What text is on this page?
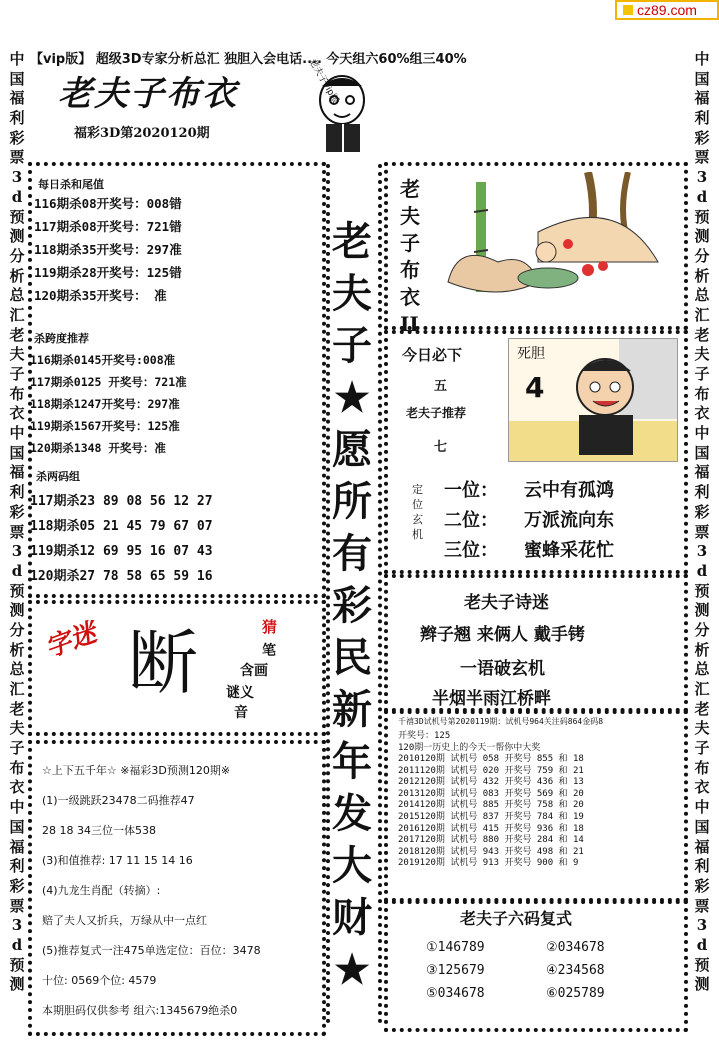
cz89.com
【vip版】 超级3D专家分析总汇 独胆入会电话.... 今天组六60%组三40%
老夫子布衣
福彩3D第2020120期
老夫子vip版
中
国
福
利
彩
票
3
d
预
测
分
析
总
汇
老
夫
子
布
衣
中
国
福
利
彩
票
3
d
预
测
分
析
总
汇
老
夫
子
布
衣
中
国
福
利
彩
票
3
d
预
测
中
国
福
利
彩
票
3
d
预
测
分
析
总
汇
老
夫
子
布
衣
中
国
福
利
彩
票
3
d
预
测
分
析
总
汇
老
夫
子
布
衣
中
国
福
利
彩
票
3
d
预
测
每日杀和尾值
116期杀08开奖号：008错
117期杀08开奖号：721错
118期杀35开奖号：297准
119期杀28开奖号：125错
120期杀35开奖号： 准
杀跨度推荐
116期杀0145开奖号:008准
117期杀0125 开奖号：721准
118期杀1247开奖号：297准
119期杀1567开奖号：125准
120期杀1348 开奖号：准
杀两码组
117期杀23 89 08 56 12 27
118期杀05 21 45 79 67 07
119期杀12 69 95 16 07 43
120期杀27 78 58 65 59 16
字迷 断	猜
笔
含画
谜义
音
☆上下五千年☆ ※福彩3D预测120期※
(1)一级跳跃23478二码推荐47
28 18 34三位一体538
(3)和值推荐: 17 11 15 14 16
(4)九龙生肖配（转摘）:
赔了夫人又折兵，万绿从中一点红
(5)推荐复式一注475单选定位：百位：3478
十位: 0569个位: 4579
本期胆码仅供参考 组六:1345679绝杀0
老
夫
子
★
愿
所
有
彩
民
新
年
发
大
财
★
老
夫
子
布
衣
II
今日必下
五
老夫子推荐
七
死胆
4
定
位
玄
机
一位：	云中有孤鸿
二位：	万派流向东
三位：	蜜蜂采花忙
老夫子诗迷
辫子翘 来俩人 戴手铐
一语破玄机
半烟半雨江桥畔
千禧3D试机号第2020119期：试机号964关注码864金码8
开奖号：125
120期一历史上的今天一帮你中大奖
2010120期 试机号 058 开奖号 855 和 18
2011120期 试机号 020 开奖号 759 和 21
2012120期 试机号 432 开奖号 436 和 13
2013120期 试机号 083 开奖号 569 和 20
2014120期 试机号 885 开奖号 758 和 20
2015120期 试机号 837 开奖号 784 和 19
2016120期 试机号 415 开奖号 936 和 18
2017120期 试机号 880 开奖号 284 和 14
2018120期 试机号 943 开奖号 498 和 21
2019120期 试机号 913 开奖号 900 和 9
老夫子六码复式
①146789	②034678
③125679	④234568
⑤034678	⑥025789
